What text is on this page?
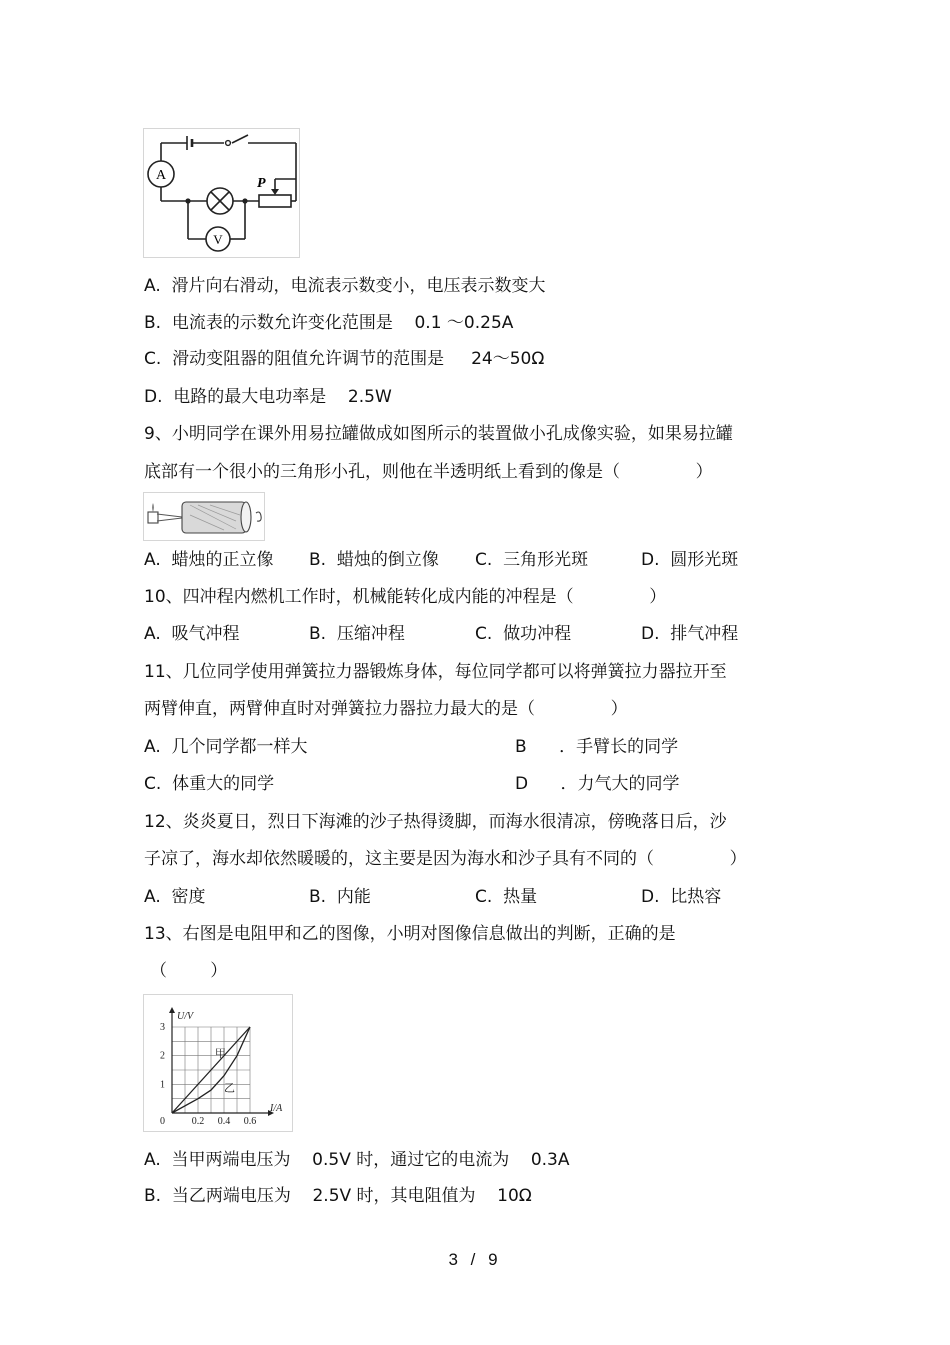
A
V
P
A.  滑片向右滑动，电流表示数变小，电压表示数变大
B.  电流表的示数允许变化范围是    0.1 ～0.25A
C.  滑动变阻器的阻值允许调节的范围是     24～50Ω
D.  电路的最大电功率是    2.5W
9、小明同学在课外用易拉罐做成如图所示的装置做小孔成像实验，如果易拉罐
底部有一个很小的三角形小孔，则他在半透明纸上看到的像是（              ）
A.  蜡烛的正立像 B.  蜡烛的倒立像 C.  三角形光斑	D.  圆形光斑
10、四冲程内燃机工作时，机械能转化成内能的冲程是（              ）
A.  吸气冲程	B.  压缩冲程	C.  做功冲程	D.  排气冲程
11、几位同学使用弹簧拉力器锻炼身体，每位同学都可以将弹簧拉力器拉开至
两臂伸直，两臂伸直时对弹簧拉力器拉力最大的是（              ）
A.  几个同学都一样大	B      ．手臂长的同学
C.  体重大的同学	D      ．力气大的同学
12、炎炎夏日，烈日下海滩的沙子热得烫脚，而海水很清凉，傍晚落日后，沙
子凉了，海水却依然暖暖的，这主要是因为海水和沙子具有不同的（              ）
A.  密度	B.  内能	C.  热量	D.  比热容
13、右图是电阻甲和乙的图像，小明对图像信息做出的判断，正确的是
（        ）
甲
乙
0.2 0.4 0.6
1
2
3
0
I/A
U/V
A.  当甲两端电压为    0.5V 时，通过它的电流为    0.3A
B.  当乙两端电压为    2.5V 时，其电阻值为    10Ω
3 / 9
